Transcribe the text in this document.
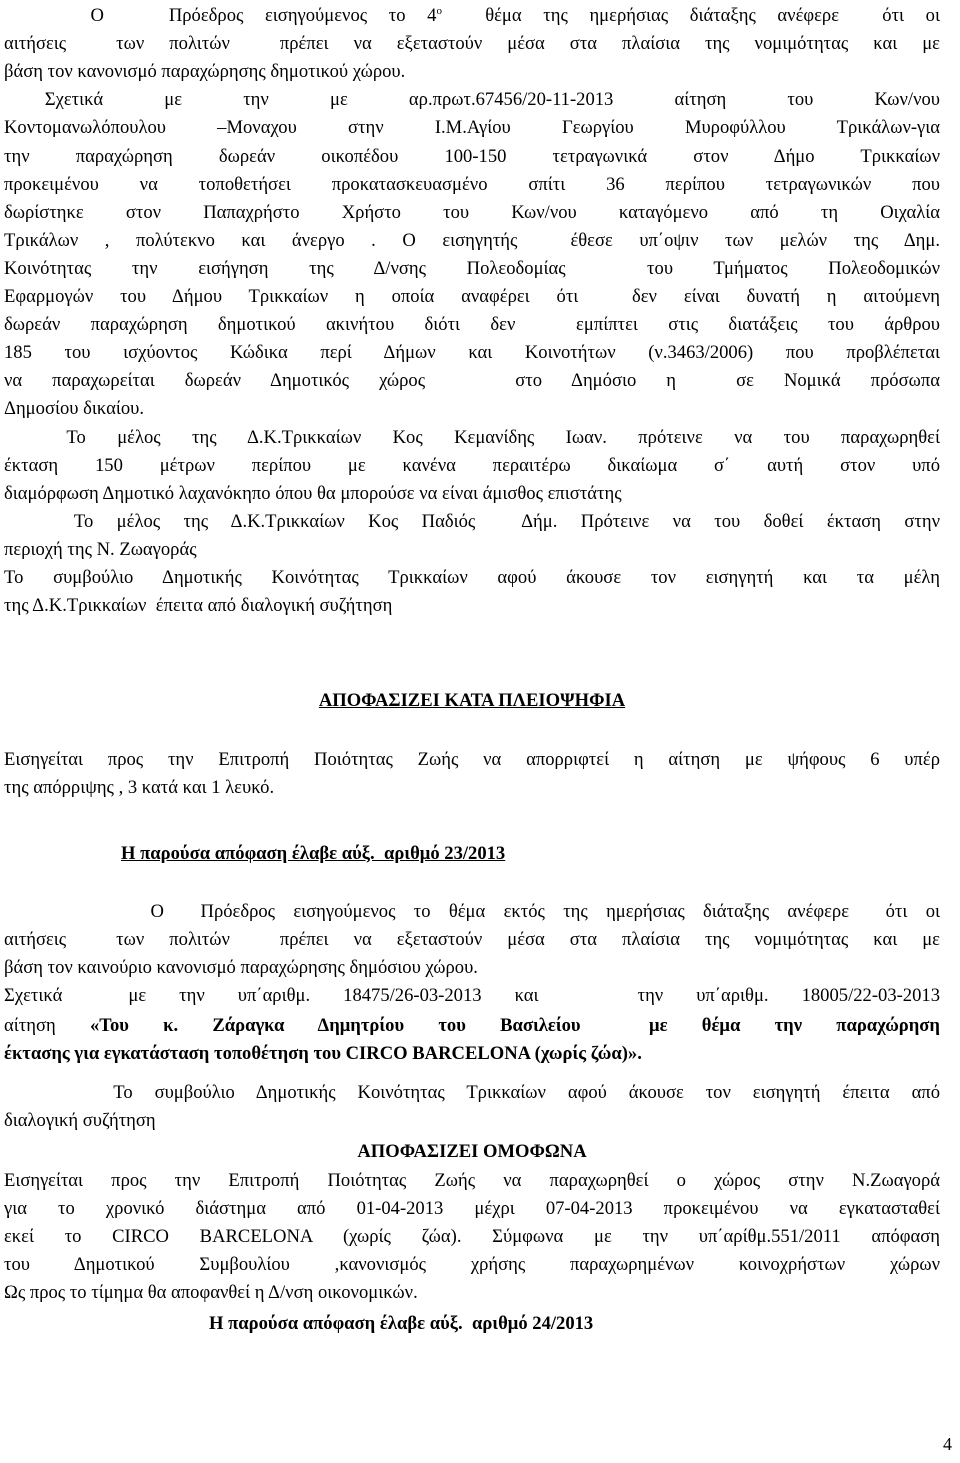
Ο   Πρόεδρος εισηγούμενος το $4^o$  θέμα της ημερήσιας διάταξης ανέφερε  ότι οι
αιτήσεις  των πολιτών  πρέπει να εξεταστούν μέσα στα πλαίσια της νομιμότητας και με
βάση τον κανονισμό παραχώρησης δημοτικού χώρου.
Σχετικά   με   την   με   αρ.πρωτ.67456/20-11-2013   αίτηση   του   Κων/νου
Κοντομανωλόπουλου –Μοναχου στην Ι.Μ.Αγίου Γεωργίου Μυροφύλλου Τρικάλων-για
την παραχώρηση δωρεάν οικοπέδου 100-150 τετραγωνικά στον Δήμο Τρικκαίων
προκειμένου να τοποθετήσει προκατασκευασμένο σπίτι 36 περίπου τετραγωνικών που
δωρίστηκε στον Παπαχρήστο Χρήστο του Κων/νου καταγόμενο από τη Οιχαλία
Τρικάλων , πολύτεκνο και άνεργο . Ο εισηγητής  έθεσε υπ΄οψιν των μελών της Δημ.
Κοινότητας την εισήγηση της Δ/νσης Πολεοδομίας  του Τμήματος Πολεοδομικών
Εφαρμογών του Δήμου Τρικκαίων η οποία αναφέρει ότι  δεν είναι δυνατή η αιτούμενη
δωρεάν παραχώρηση δημοτικού ακινήτου διότι δεν  εμπίπτει στις διατάξεις του άρθρου
185 του ισχύοντος Κώδικα περί Δήμων και Κοινοτήτων (ν.3463/2006) που προβλέπεται
να παραχωρείται δωρεάν Δημοτικός χώρος   στο Δημόσιο η  σε Νομικά πρόσωπα
Δημοσίου δικαίου.
Το μέλος της Δ.Κ.Τρικκαίων Κος Κεμανίδης Ιωαν. πρότεινε να του παραχωρηθεί
έκταση 150 μέτρων περίπου με κανένα περαιτέρω δικαίωμα σ΄ αυτή στον υπό
διαμόρφωση Δημοτικό λαχανόκηπο όπου θα μπορούσε να είναι άμισθος επιστάτης
Το μέλος της Δ.Κ.Τρικκαίων Κος Παδιός  Δήμ. Πρότεινε να του δοθεί έκταση στην
περιοχή της Ν. Ζωαγοράς
Το συμβούλιο Δημοτικής Κοινότητας Τρικκαίων αφού άκουσε τον εισηγητή και τα μέλη
της Δ.Κ.Τρικκαίων  έπειτα από διαλογική συζήτηση
ΑΠΟΦΑΣΙΖΕΙ ΚΑΤΑ ΠΛΕΙΟΨΗΦΙΑ
Εισηγείται προς την Επιτροπή Ποιότητας Ζωής να απορριφτεί η αίτηση με ψήφους 6 υπέρ
της απόρριψης , 3 κατά και 1 λευκό.
Η παρούσα απόφαση έλαβε αύξ.  αριθμό 23/2013
Ο  Πρόεδρος εισηγούμενος το θέμα εκτός της ημερήσιας διάταξης ανέφερε  ότι οι
αιτήσεις  των πολιτών  πρέπει να εξεταστούν μέσα στα πλαίσια της νομιμότητας και με
βάση τον καινούριο κανονισμό παραχώρησης δημόσιου χώρου.
Σχετικά  με την υπ΄αριθμ. 18475/26-03-2013 και   την υπ΄αριθμ. 18005/22-03-2013
αίτηση «Του κ. Ζάραγκα Δημητρίου του Βασιλείου  με θέμα την παραχώρηση
έκτασης για εγκατάσταση τοποθέτηση του CIRCO BARCELONA (χωρίς ζώα)».
Το συμβούλιο Δημοτικής Κοινότητας Τρικκαίων αφού άκουσε τον εισηγητή έπειτα από
διαλογική συζήτηση
ΑΠΟΦΑΣΙΖΕΙ ΟΜΟΦΩΝΑ
Εισηγείται προς την Επιτροπή Ποιότητας Ζωής να παραχωρηθεί ο χώρος στην Ν.Ζωαγορά
για το χρονικό διάστημα από 01-04-2013 μέχρι 07-04-2013 προκειμένου να εγκατασταθεί
εκεί το CIRCO BARCELONA (χωρίς ζώα). Σύμφωνα με την υπ΄αρίθμ.551/2011 απόφαση
του Δημοτικού Συμβουλίου ,κανονισμός χρήσης παραχωρημένων κοινοχρήστων χώρων
Ως προς το τίμημα θα αποφανθεί η Δ/νση οικονομικών.
Η παρούσα απόφαση έλαβε αύξ.  αριθμό 24/2013
4
